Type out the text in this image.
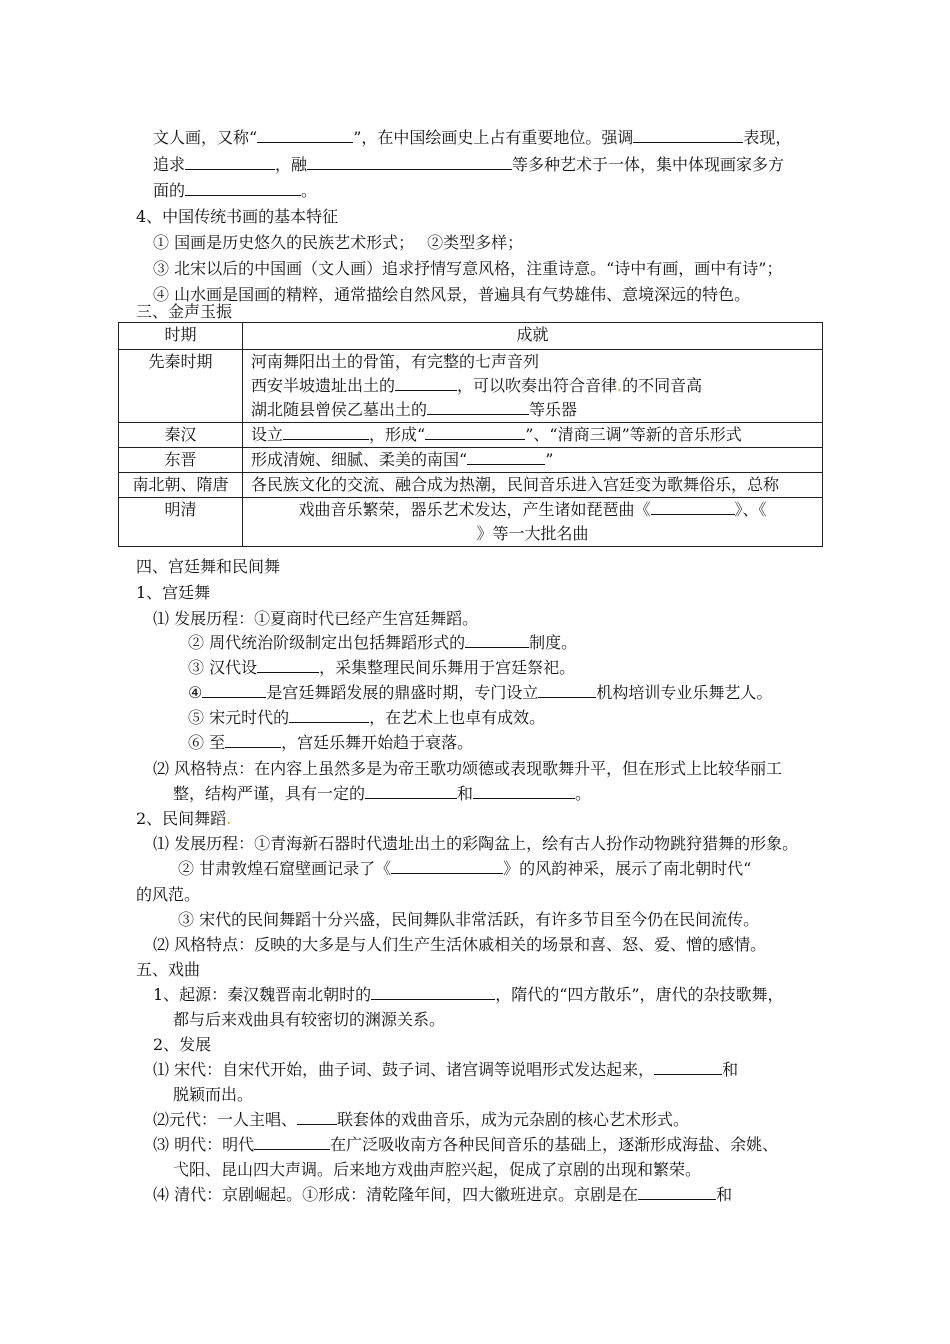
文人画，又称“	”，在中国绘画史上占有重要地位。强调	表现，
追求	，融	等多种艺术于一体，集中体现画家多方
面的	。
4、中国传统书画的基本特征
① 国画是历史悠久的民族艺术形式；　 ②类型多样；
③ 北宋以后的中国画（文人画）追求抒情写意风格，注重诗意。“诗中有画，画中有诗”；
④ 山水画是国画的精粹，通常描绘自然风景，普遍具有气势雄伟、意境深远的特色。
三、金声玉振
时期	成就
先秦时期	河南舞阳出土的骨笛，有完整的七声音列
西安半坡遗址出土的 ，可以吹奏出符合音律.的不同音高
湖北随县曾侯乙墓出土的 等乐器

秦汉	设立 ，形成“ ”、“清商三调”等新的音乐形式
东晋	形成清婉、细腻、柔美的南国“ ”
南北朝、隋唐	各民族文化的交流、融合成为热潮，民间音乐进入宫廷变为歌舞俗乐，总称
明清	戏曲音乐繁荣，器乐艺术发达，产生诸如琵琶曲《 》、《
》等一大批名曲
四、宫廷舞和民间舞
1、宫廷舞
⑴ 发展历程：①夏商时代已经产生宫廷舞蹈。
② 周代统治阶级制定出包括舞蹈形式的	制度。
③ 汉代设	，采集整理民间乐舞用于宫廷祭祀。
④	是宫廷舞蹈发展的鼎盛时期，专门设立	机构培训专业乐舞艺人。
⑤ 宋元时代的	，在艺术上也卓有成效。
⑥ 至	，宫廷乐舞开始趋于衰落。
⑵ 风格特点：在内容上虽然多是为帝王歌功颂德或表现歌舞升平，但在形式上比较华丽工
整，结构严谨，具有一定的	和	。
2、民间舞蹈.
⑴ 发展历程：①青海新石器时代遗址出土的彩陶盆上，绘有古人扮作动物跳狩猎舞的形象。
② 甘肃敦煌石窟壁画记录了《	》的风韵神采，展示了南北朝时代“
的风范。
③ 宋代的民间舞蹈十分兴盛，民间舞队非常活跃，有许多节目至今仍在民间流传。
⑵ 风格特点：反映的大多是与人们生产生活休戚相关的场景和喜、怒、爱、憎的感情。
五、戏曲
1、起源：秦汉魏晋南北朝时的	，隋代的“四方散乐”，唐代的杂技歌舞，
都与后来戏曲具有较密切的渊源关系。
2、发展
⑴ 宋代：自宋代开始，曲子词、鼓子词、诸宫调等说唱形式发达起来，	和
脱颖而出。
⑵元代：一人主唱、	联套体的戏曲音乐，成为元杂剧的核心艺术形式。
⑶ 明代：明代	在广泛吸收南方各种民间音乐的基础上，逐渐形成海盐、余姚、
弋阳、昆山四大声调。后来地方戏曲声腔兴起，促成了京剧的出现和繁荣。
⑷ 清代：京剧崛起。①形成：清乾隆年间，四大徽班进京。京剧是在	和
